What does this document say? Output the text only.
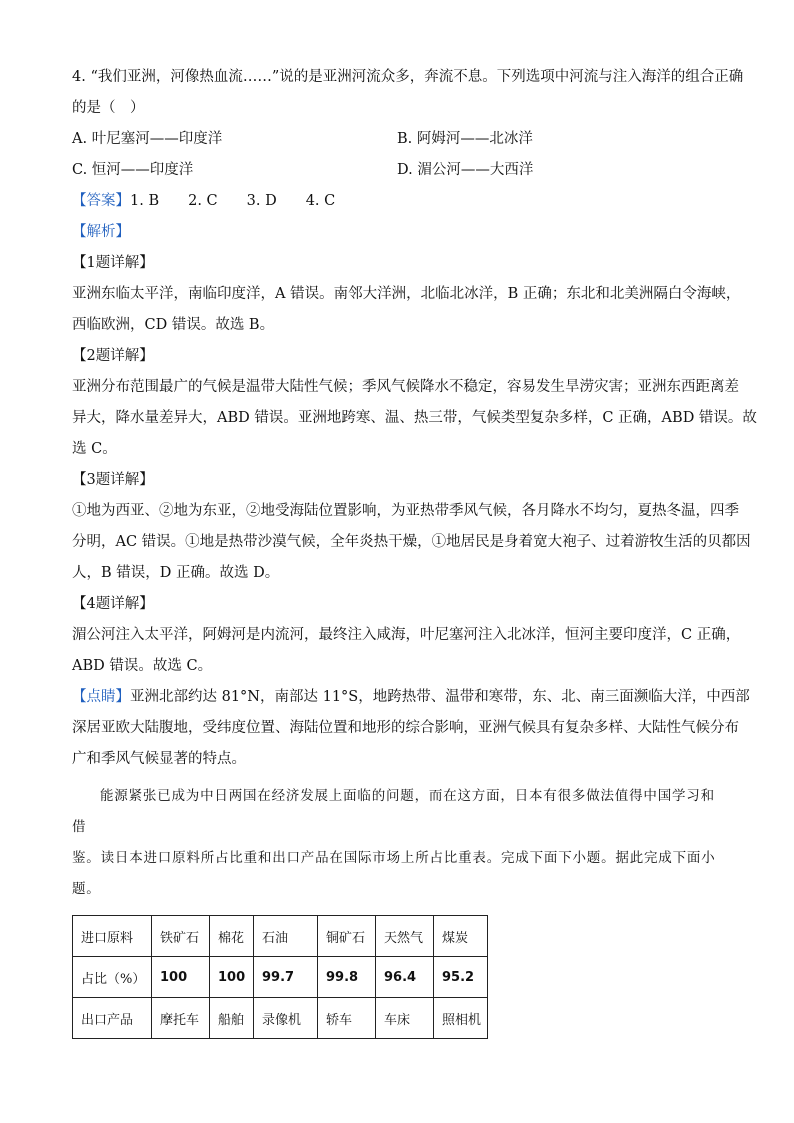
4. “我们亚洲，河像热血流……”说的是亚洲河流众多，奔流不息。下列选项中河流与注入海洋的组合正确
的是（　）
A. 叶尼塞河——印度洋	B. 阿姆河——北冰洋
C. 恒河——印度洋	D. 湄公河——大西洋
【答案】1. B　　2. C　　3. D　　4. C
【解析】
【1题详解】
亚洲东临太平洋，南临印度洋，A 错误。南邻大洋洲，北临北冰洋，B 正确；东北和北美洲隔白令海峡，
西临欧洲，CD 错误。故选 B。
【2题详解】
亚洲分布范围最广的气候是温带大陆性气候；季风气候降水不稳定，容易发生旱涝灾害；亚洲东西距离差
异大，降水量差异大，ABD 错误。亚洲地跨寒、温、热三带，气候类型复杂多样，C 正确，ABD 错误。故
选 C。
【3题详解】
①地为西亚、②地为东亚，②地受海陆位置影响，为亚热带季风气候，各月降水不均匀，夏热冬温，四季
分明，AC 错误。①地是热带沙漠气候，全年炎热干燥，①地居民是身着宽大袍子、过着游牧生活的贝都因
人，B 错误，D 正确。故选 D。
【4题详解】
湄公河注入太平洋，阿姆河是内流河，最终注入咸海，叶尼塞河注入北冰洋，恒河主要印度洋，C 正确，
ABD 错误。故选 C。
【点睛】亚洲北部约达 81°N，南部达 11°S，地跨热带、温带和寒带，东、北、南三面濒临大洋，中西部
深居亚欧大陆腹地，受纬度位置、海陆位置和地形的综合影响，亚洲气候具有复杂多样、大陆性气候分布
广和季风气候显著的特点。
能源紧张已成为中日两国在经济发展上面临的问题，而在这方面，日本有很多做法值得中国学习和借
鉴。读日本进口原料所占比重和出口产品在国际市场上所占比重表。完成下面下小题。据此完成下面小
题。
进口原料	铁矿石	棉花	石油	铜矿石	天然气	煤炭
占比（%）	100	100	99.7	99.8	96.4	95.2
出口产品	摩托车	船舶	录像机	轿车	车床	照相机
